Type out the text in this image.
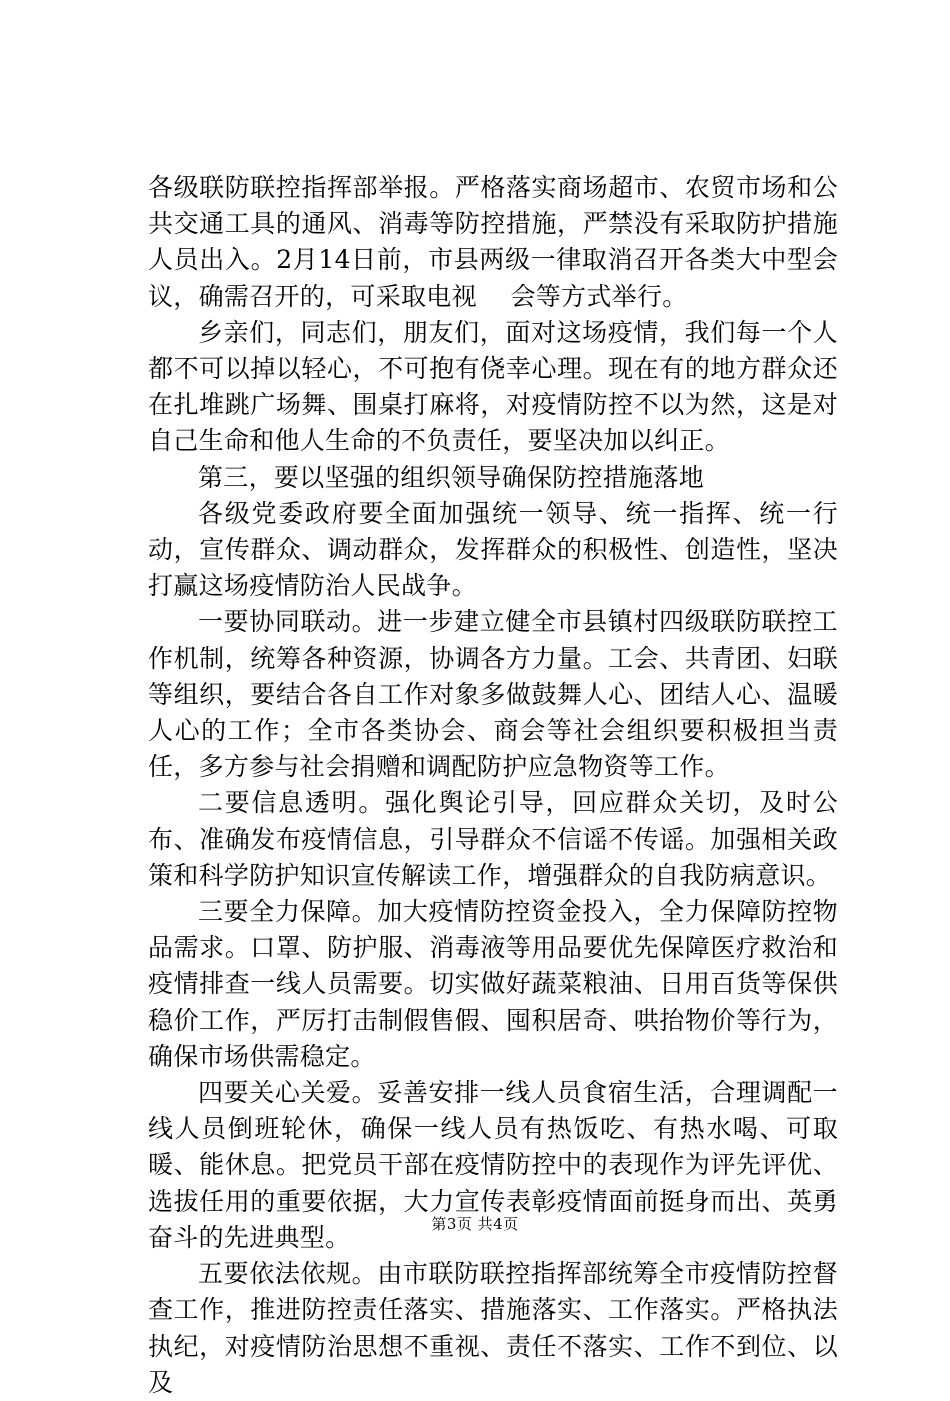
各级联防联控指挥部举报。严格落实商场超市、农贸市场和公共交通工具的通风、消毒等防控措施，严禁没有采取防护措施人员出入。2月14日前，市县两级一律取消召开各类大中型会议，确需召开的，可采取电视　 会等方式举行。

乡亲们，同志们，朋友们，面对这场疫情，我们每一个人都不可以掉以轻心，不可抱有侥幸心理。现在有的地方群众还在扎堆跳广场舞、围桌打麻将，对疫情防控不以为然，这是对自己生命和他人生命的不负责任，要坚决加以纠正。

第三，要以坚强的组织领导确保防控措施落地

各级党委政府要全面加强统一领导、统一指挥、统一行动，宣传群众、调动群众，发挥群众的积极性、创造性，坚决打赢这场疫情防治人民战争。

一要协同联动。进一步建立健全市县镇村四级联防联控工作机制，统筹各种资源，协调各方力量。工会、共青团、妇联等组织，要结合各自工作对象多做鼓舞人心、团结人心、温暖人心的工作；全市各类协会、商会等社会组织要积极担当责任，多方参与社会捐赠和调配防护应急物资等工作。

二要信息透明。强化舆论引导，回应群众关切，及时公布、准确发布疫情信息，引导群众不信谣不传谣。加强相关政策和科学防护知识宣传解读工作，增强群众的自我防病意识。

三要全力保障。加大疫情防控资金投入，全力保障防控物品需求。口罩、防护服、消毒液等用品要优先保障医疗救治和疫情排查一线人员需要。切实做好蔬菜粮油、日用百货等保供稳价工作，严厉打击制假售假、囤积居奇、哄抬物价等行为，确保市场供需稳定。

四要关心关爱。妥善安排一线人员食宿生活，合理调配一线人员倒班轮休，确保一线人员有热饭吃、有热水喝、可取暖、能休息。把党员干部在疫情防控中的表现作为评先评优、选拔任用的重要依据，大力宣传表彰疫情面前挺身而出、英勇奋斗的先进典型。

五要依法依规。由市联防联控指挥部统筹全市疫情防控督查工作，推进防控责任落实、措施落实、工作落实。严格执法执纪，对疫情防治思想不重视、责任不落实、工作不到位、以及

第3页 共4页
